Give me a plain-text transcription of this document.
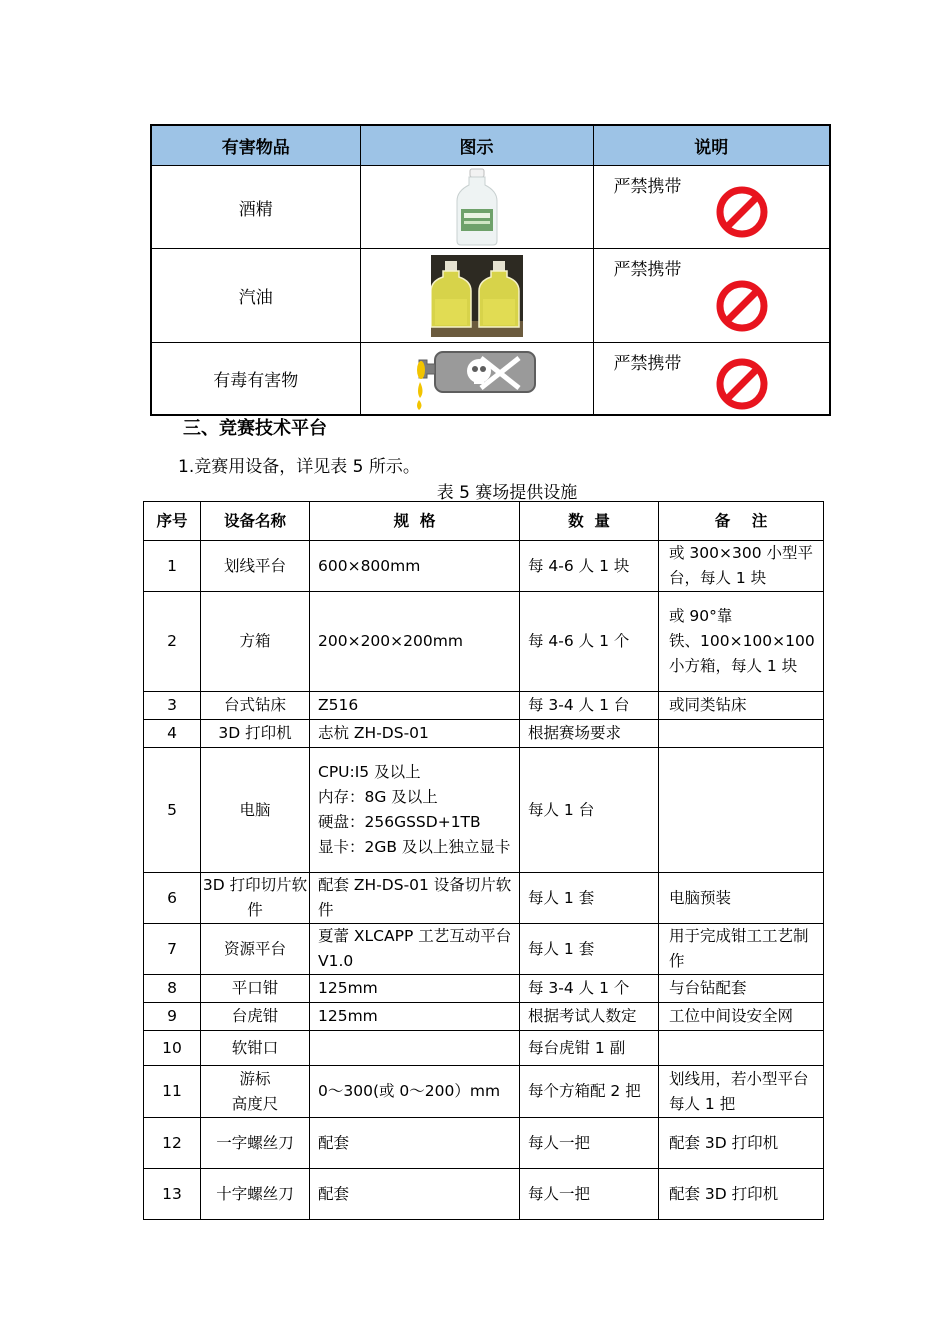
有害物品	图示	说明
酒精		严禁携带

汽油		严禁携带

有毒有害物		严禁携带
三、竞赛技术平台
1.竞赛用设备，详见表 5 所示。
表 5 赛场提供设施
序号	设备名称	规  格	数  量	备    注
1	划线平台	600×800mm	每 4-6 人 1 块	或 300×300 小型平台，每人 1 块
2	方箱	200×200×200mm	每 4-6 人 1 个	或 90°靠
铁、100×100×100 小方箱，每人 1 块
3	台式钻床	Z516	每 3-4 人 1 台	或同类钻床
4	3D 打印机	志杭 ZH-DS-01	根据赛场要求	
5	电脑	CPU:I5 及以上
内存：8G 及以上
硬盘：256GSSD+1TB
显卡：2GB 及以上独立显卡	每人 1 台	
6	3D 打印切片软件	配套 ZH-DS-01 设备切片软件	每人 1 套	电脑预装
7	资源平台	夏蕾 XLCAPP 工艺互动平台 V1.0	每人 1 套	用于完成钳工工艺制作
8	平口钳	125mm	每 3-4 人 1 个	与台钻配套
9	台虎钳	125mm	根据考试人数定	工位中间设安全网
10	软钳口		每台虎钳 1 副	
11	游标
高度尺	0～300(或 0～200）mm	每个方箱配 2 把	划线用，若小型平台每人 1 把
12	一字螺丝刀	配套	每人一把	配套 3D 打印机
13	十字螺丝刀	配套	每人一把	配套 3D 打印机
